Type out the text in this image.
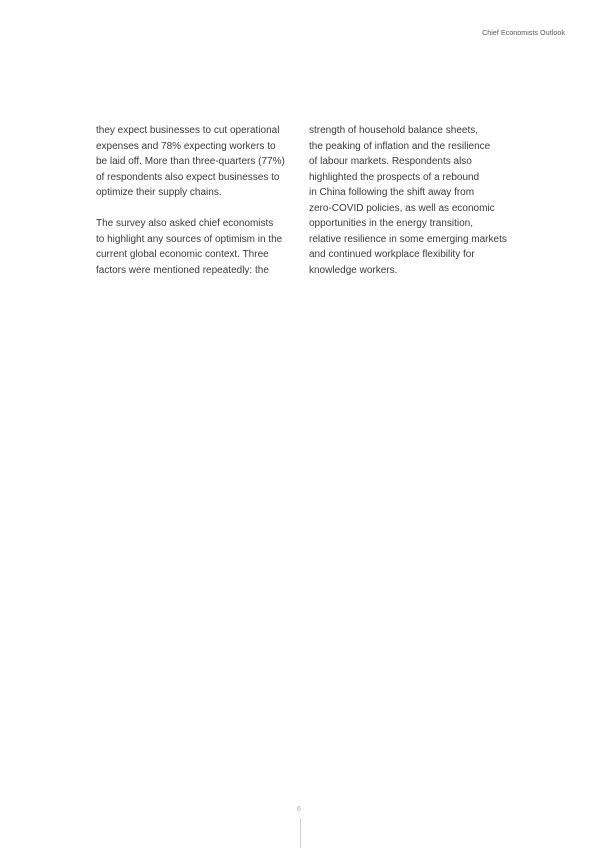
Chief Economists Outlook

they expect businesses to cut operational
expenses and 78% expecting workers to
be laid off. More than three-quarters (77%)
of respondents also expect businesses to
optimize their supply chains.

The survey also asked chief economists
to highlight any sources of optimism in the
current global economic context. Three
factors were mentioned repeatedly: the

strength of household balance sheets,
the peaking of inflation and the resilience
of labour markets. Respondents also
highlighted the prospects of a rebound
in China following the shift away from
zero-COVID policies, as well as economic
opportunities in the energy transition,
relative resilience in some emerging markets
and continued workplace flexibility for
knowledge workers.

6
